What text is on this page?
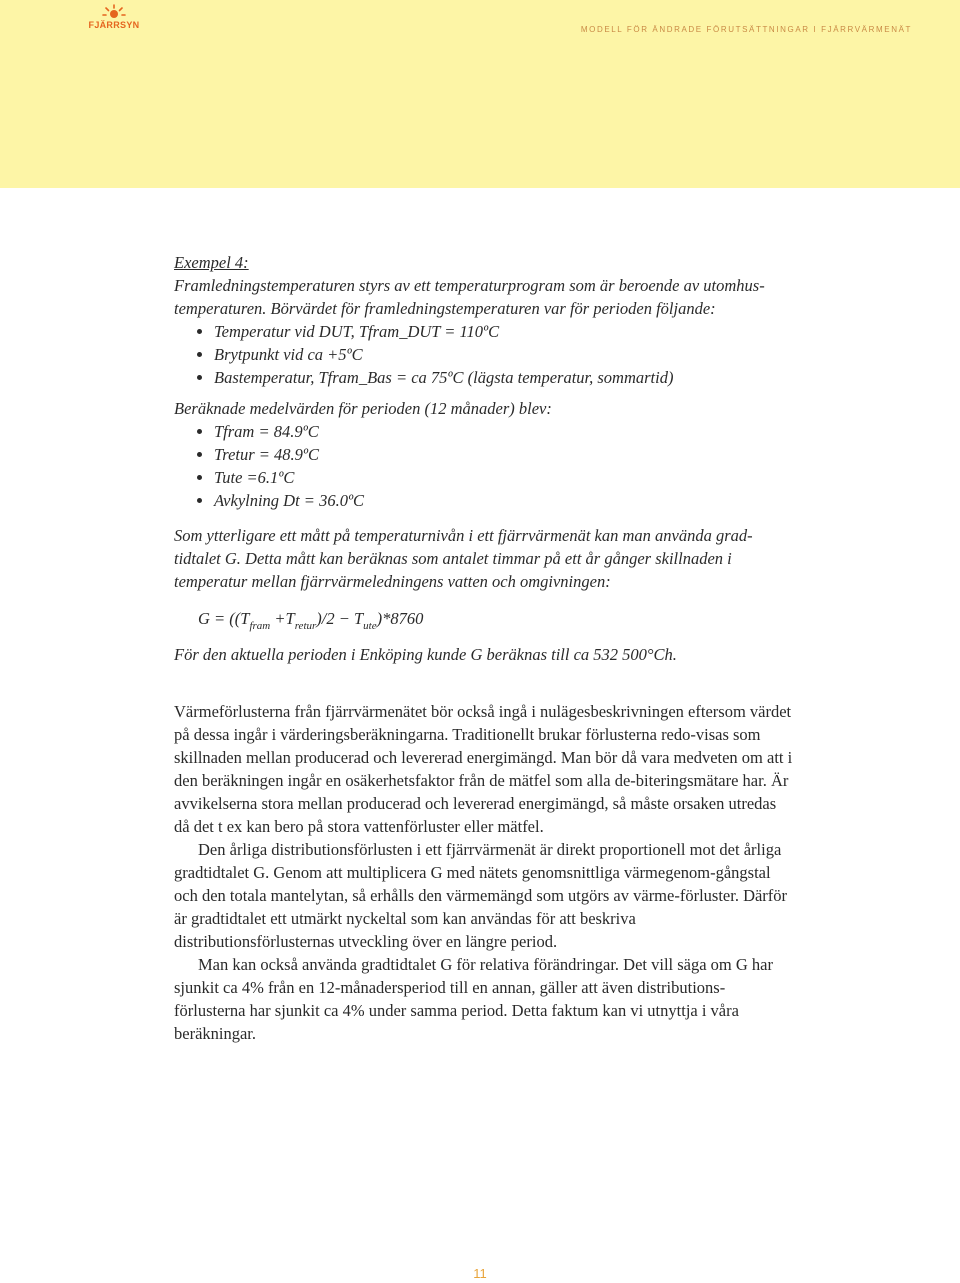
FJÄRRSYN	MODELL FÖR ÄNDRADE FÖRUTSÄTTNINGAR I FJÄRRVÄRMENÄT

Exempel 4:

Framledningstemperaturen styrs av ett temperaturprogram som är beroende av utomhus-temperaturen. Börvärdet för framledningstemperaturen var för perioden följande:

Temperatur vid DUT, Tfram_DUT = 110ºC
Brytpunkt vid ca +5ºC
Bastemperatur, Tfram_Bas = ca 75ºC (lägsta temperatur, sommartid)

Beräknade medelvärden för perioden (12 månader) blev:

Tfram = 84.9ºC
Tretur = 48.9ºC
Tute =6.1ºC
Avkylning Dt = 36.0ºC

Som ytterligare ett mått på temperaturnivån i ett fjärrvärmenät kan man använda grad-tidtalet G. Detta mått kan beräknas som antalet timmar på ett år gånger skillnaden i temperatur mellan fjärrvärmeledningens vatten och omgivningen:

$G = ((T_{fram} +T_{retur})/2 - T_{ute})*8760$

För den aktuella perioden i Enköping kunde G beräknas till ca 532 500°Ch.

Värmeförlusterna från fjärrvärmenätet bör också ingå i nulägesbeskrivningen eftersom värdet på dessa ingår i värderingsberäkningarna. Traditionellt brukar förlusterna redo-visas som skillnaden mellan producerad och levererad energimängd. Man bör då vara medveten om att i den beräkningen ingår en osäkerhetsfaktor från de mätfel som alla de-biteringsmätare har. Är avvikelserna stora mellan producerad och levererad energimängd, så måste orsaken utredas då det t ex kan bero på stora vattenförluster eller mätfel.

Den årliga distributionsförlusten i ett fjärrvärmenät är direkt proportionell mot det årliga gradtidtalet G. Genom att multiplicera G med nätets genomsnittliga värmegenom-gångstal och den totala mantelytan, så erhålls den värmemängd som utgörs av värme-förluster. Därför är gradtidtalet ett utmärkt nyckeltal som kan användas för att beskriva distributionsförlusternas utveckling över en längre period.

Man kan också använda gradtidtalet G för relativa förändringar. Det vill säga om G har sjunkit ca 4% från en 12-månadersperiod till en annan, gäller att även distributions-förlusterna har sjunkit ca 4% under samma period. Detta faktum kan vi utnyttja i våra beräkningar.

11
